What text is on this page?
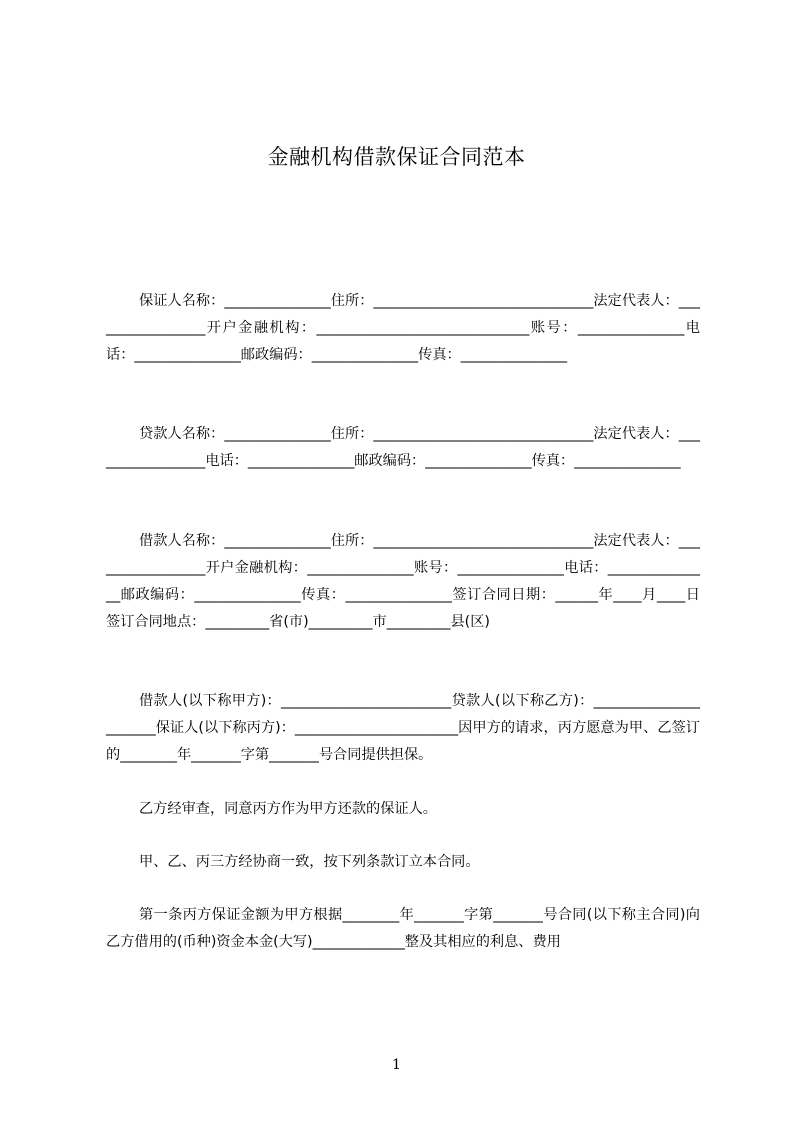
金融机构借款保证合同范本
保证人名称：_______________住所：_______________________________法定代表人：_________________开户金融机构：______________________________账号：_______________电话：_______________邮政编码：_______________传真：_______________
贷款人名称：_______________住所：_______________________________法定代表人：_________________电话：_______________邮政编码：_______________传真：_______________
借款人名称：_______________住所：_______________________________法定代表人：_________________开户金融机构：_______________账号：_______________电话：_______________邮政编码：_______________传真：_______________签订合同日期：______年____月____日签订合同地点：_________省(市)_________市_________县(区)
借款人(以下称甲方)：________________________贷款人(以下称乙方)：______________________保证人(以下称丙方)：_______________________因甲方的请求，丙方愿意为甲、乙签订的________年_______字第_______号合同提供担保。
乙方经审查，同意丙方作为甲方还款的保证人。
甲、乙、丙三方经协商一致，按下列条款订立本合同。
第一条丙方保证金额为甲方根据________年_______字第_______号合同(以下称主合同)向乙方借用的(币种)资金本金(大写)_____________整及其相应的利息、费用
1
